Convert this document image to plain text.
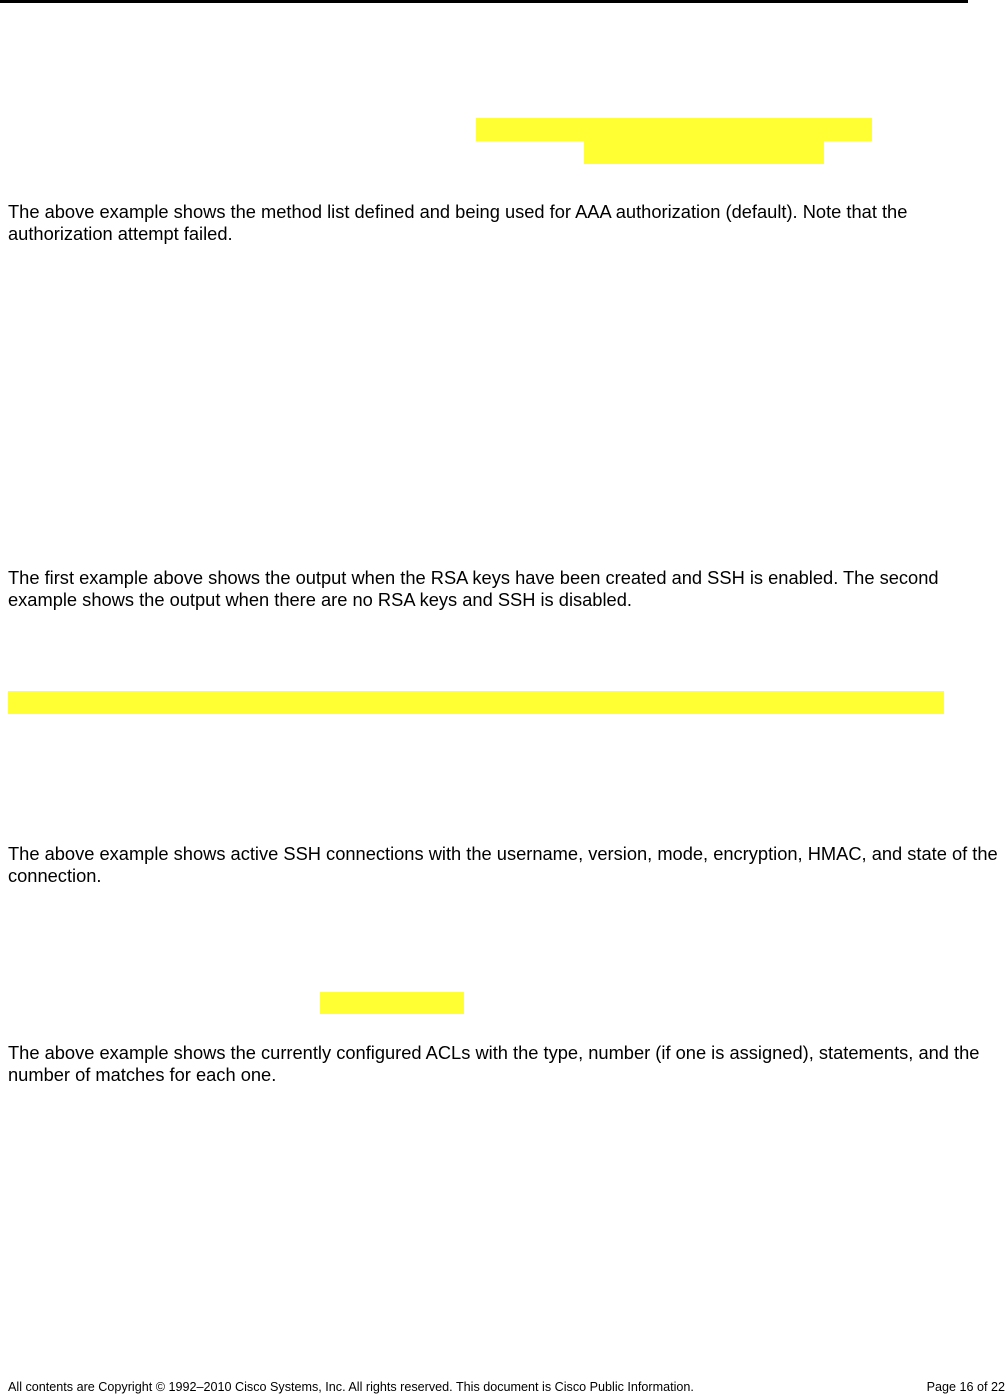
The above example shows the method list defined and being used for AAA authorization (default). Note that the authorization attempt failed.

The first example above shows the output when the RSA keys have been created and SSH is enabled. The second example shows the output when there are no RSA keys and SSH is disabled.

The above example shows active SSH connections with the username, version, mode, encryption, HMAC, and state of the connection.

The above example shows the currently configured ACLs with the type, number (if one is assigned), statements, and the number of matches for each one.

All contents are Copyright © 1992–2010 Cisco Systems, Inc. All rights reserved. This document is Cisco Public Information.	Page 16 of 22
